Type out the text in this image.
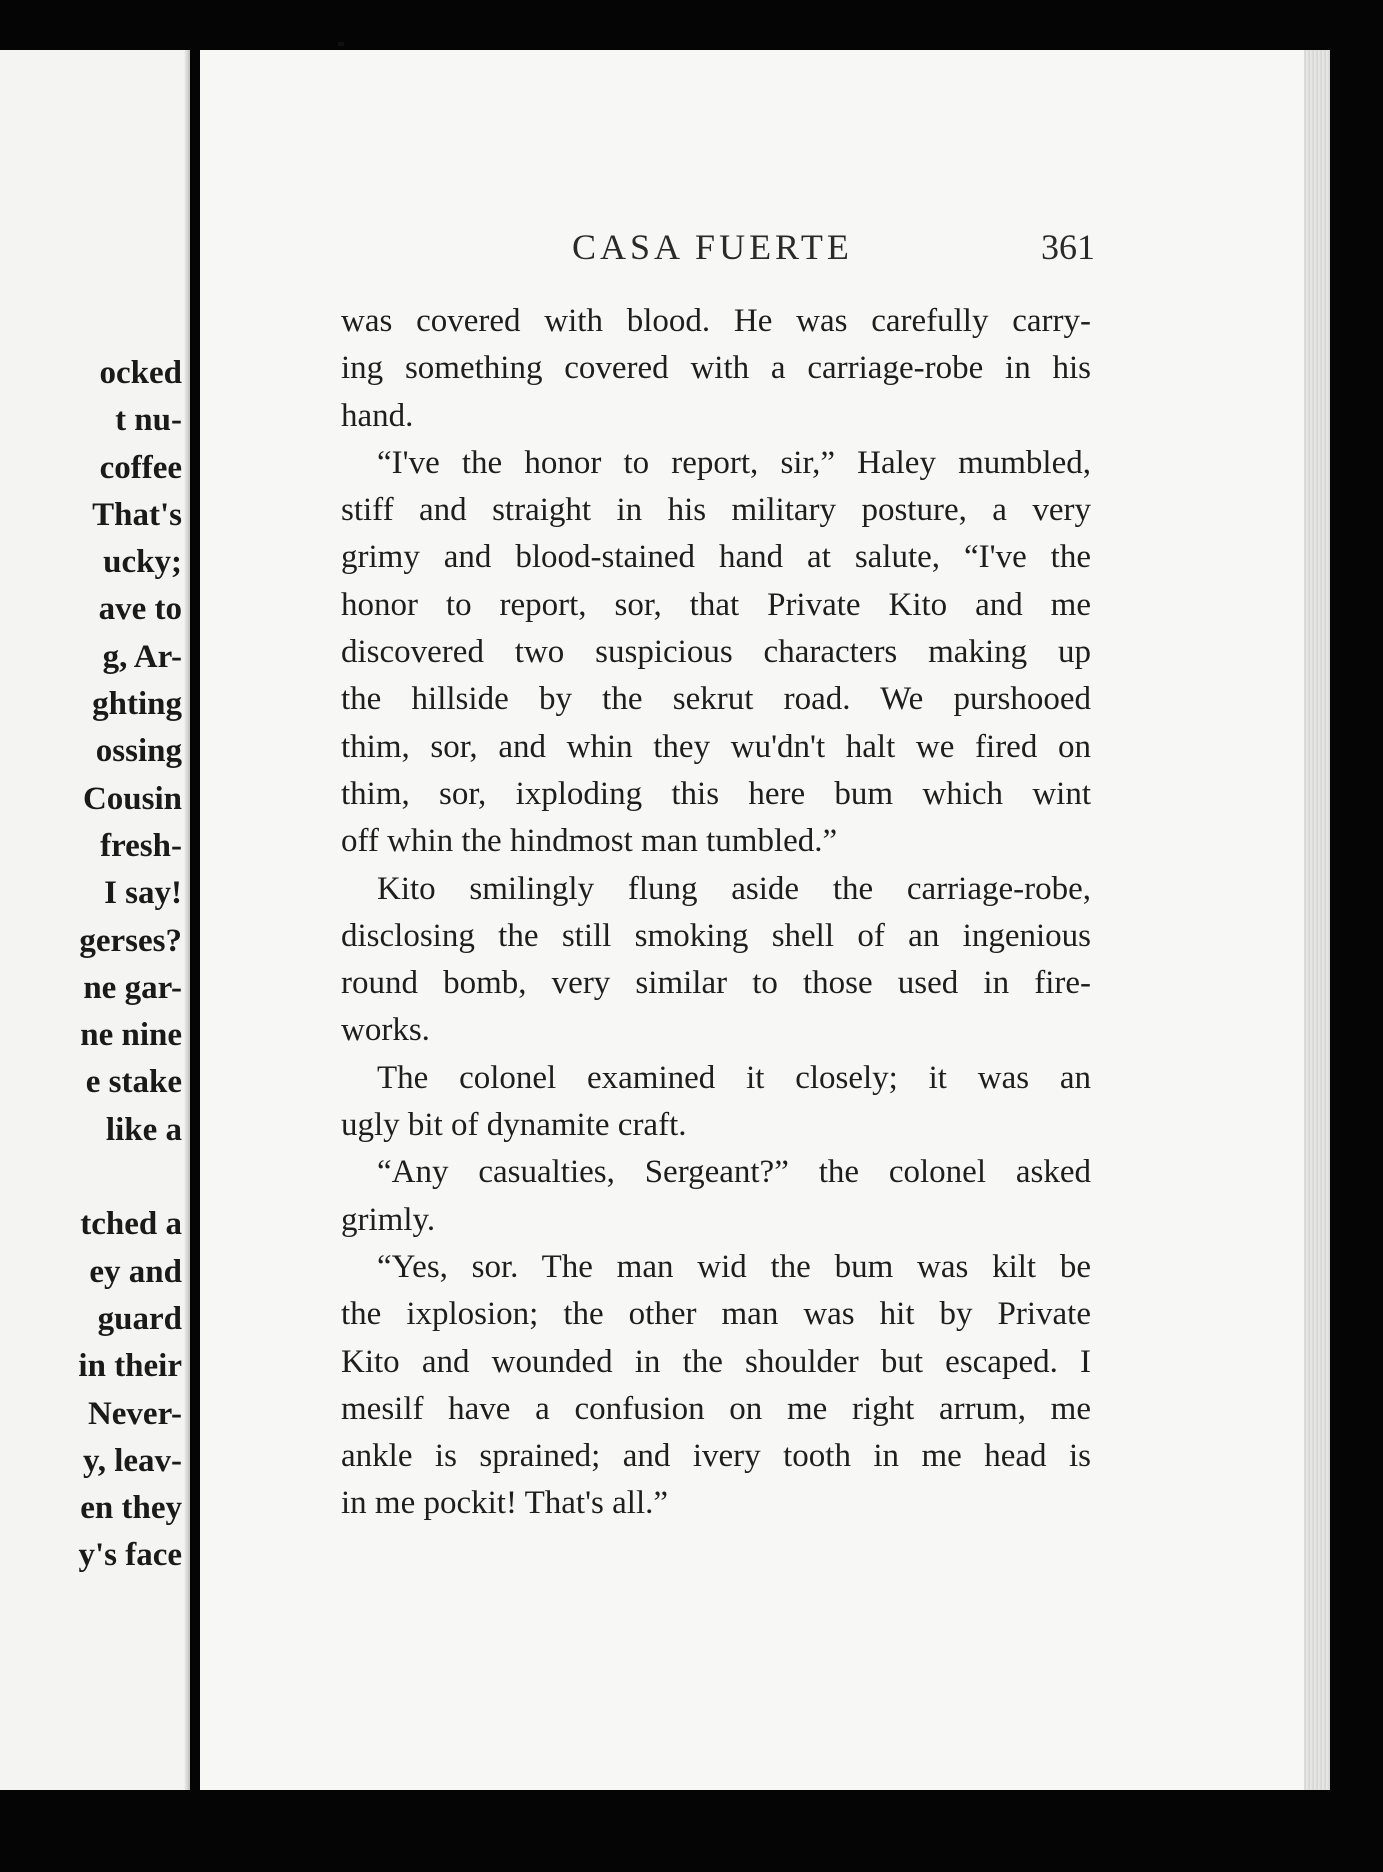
ocked
t nu-
coffee
That's
ucky;
ave to
g, Ar-
ghting
ossing
Cousin
fresh-
I say!
gerses?
ne gar-
ne nine
e stake
like a

tched a
ey and
guard
in their
Never-
y, leav-
en they
y's face
CASA FUERTE	361
was covered with blood. He was carefully carry-
ing something covered with a carriage-robe in his
hand.
“I've the honor to report, sir,” Haley mumbled,
stiff and straight in his military posture, a very
grimy and blood-stained hand at salute, “I've the
honor to report, sor, that Private Kito and me
discovered two suspicious characters making up
the hillside by the sekrut road. We purshooed
thim, sor, and whin they wu'dn't halt we fired on
thim, sor, ixploding this here bum which wint
off whin the hindmost man tumbled.”
Kito smilingly flung aside the carriage-robe,
disclosing the still smoking shell of an ingenious
round bomb, very similar to those used in fire-
works.
The colonel examined it closely; it was an
ugly bit of dynamite craft.
“Any casualties, Sergeant?” the colonel asked
grimly.
“Yes, sor. The man wid the bum was kilt be
the ixplosion; the other man was hit by Private
Kito and wounded in the shoulder but escaped. I
mesilf have a confusion on me right arrum, me
ankle is sprained; and ivery tooth in me head is
in me pockit! That's all.”
